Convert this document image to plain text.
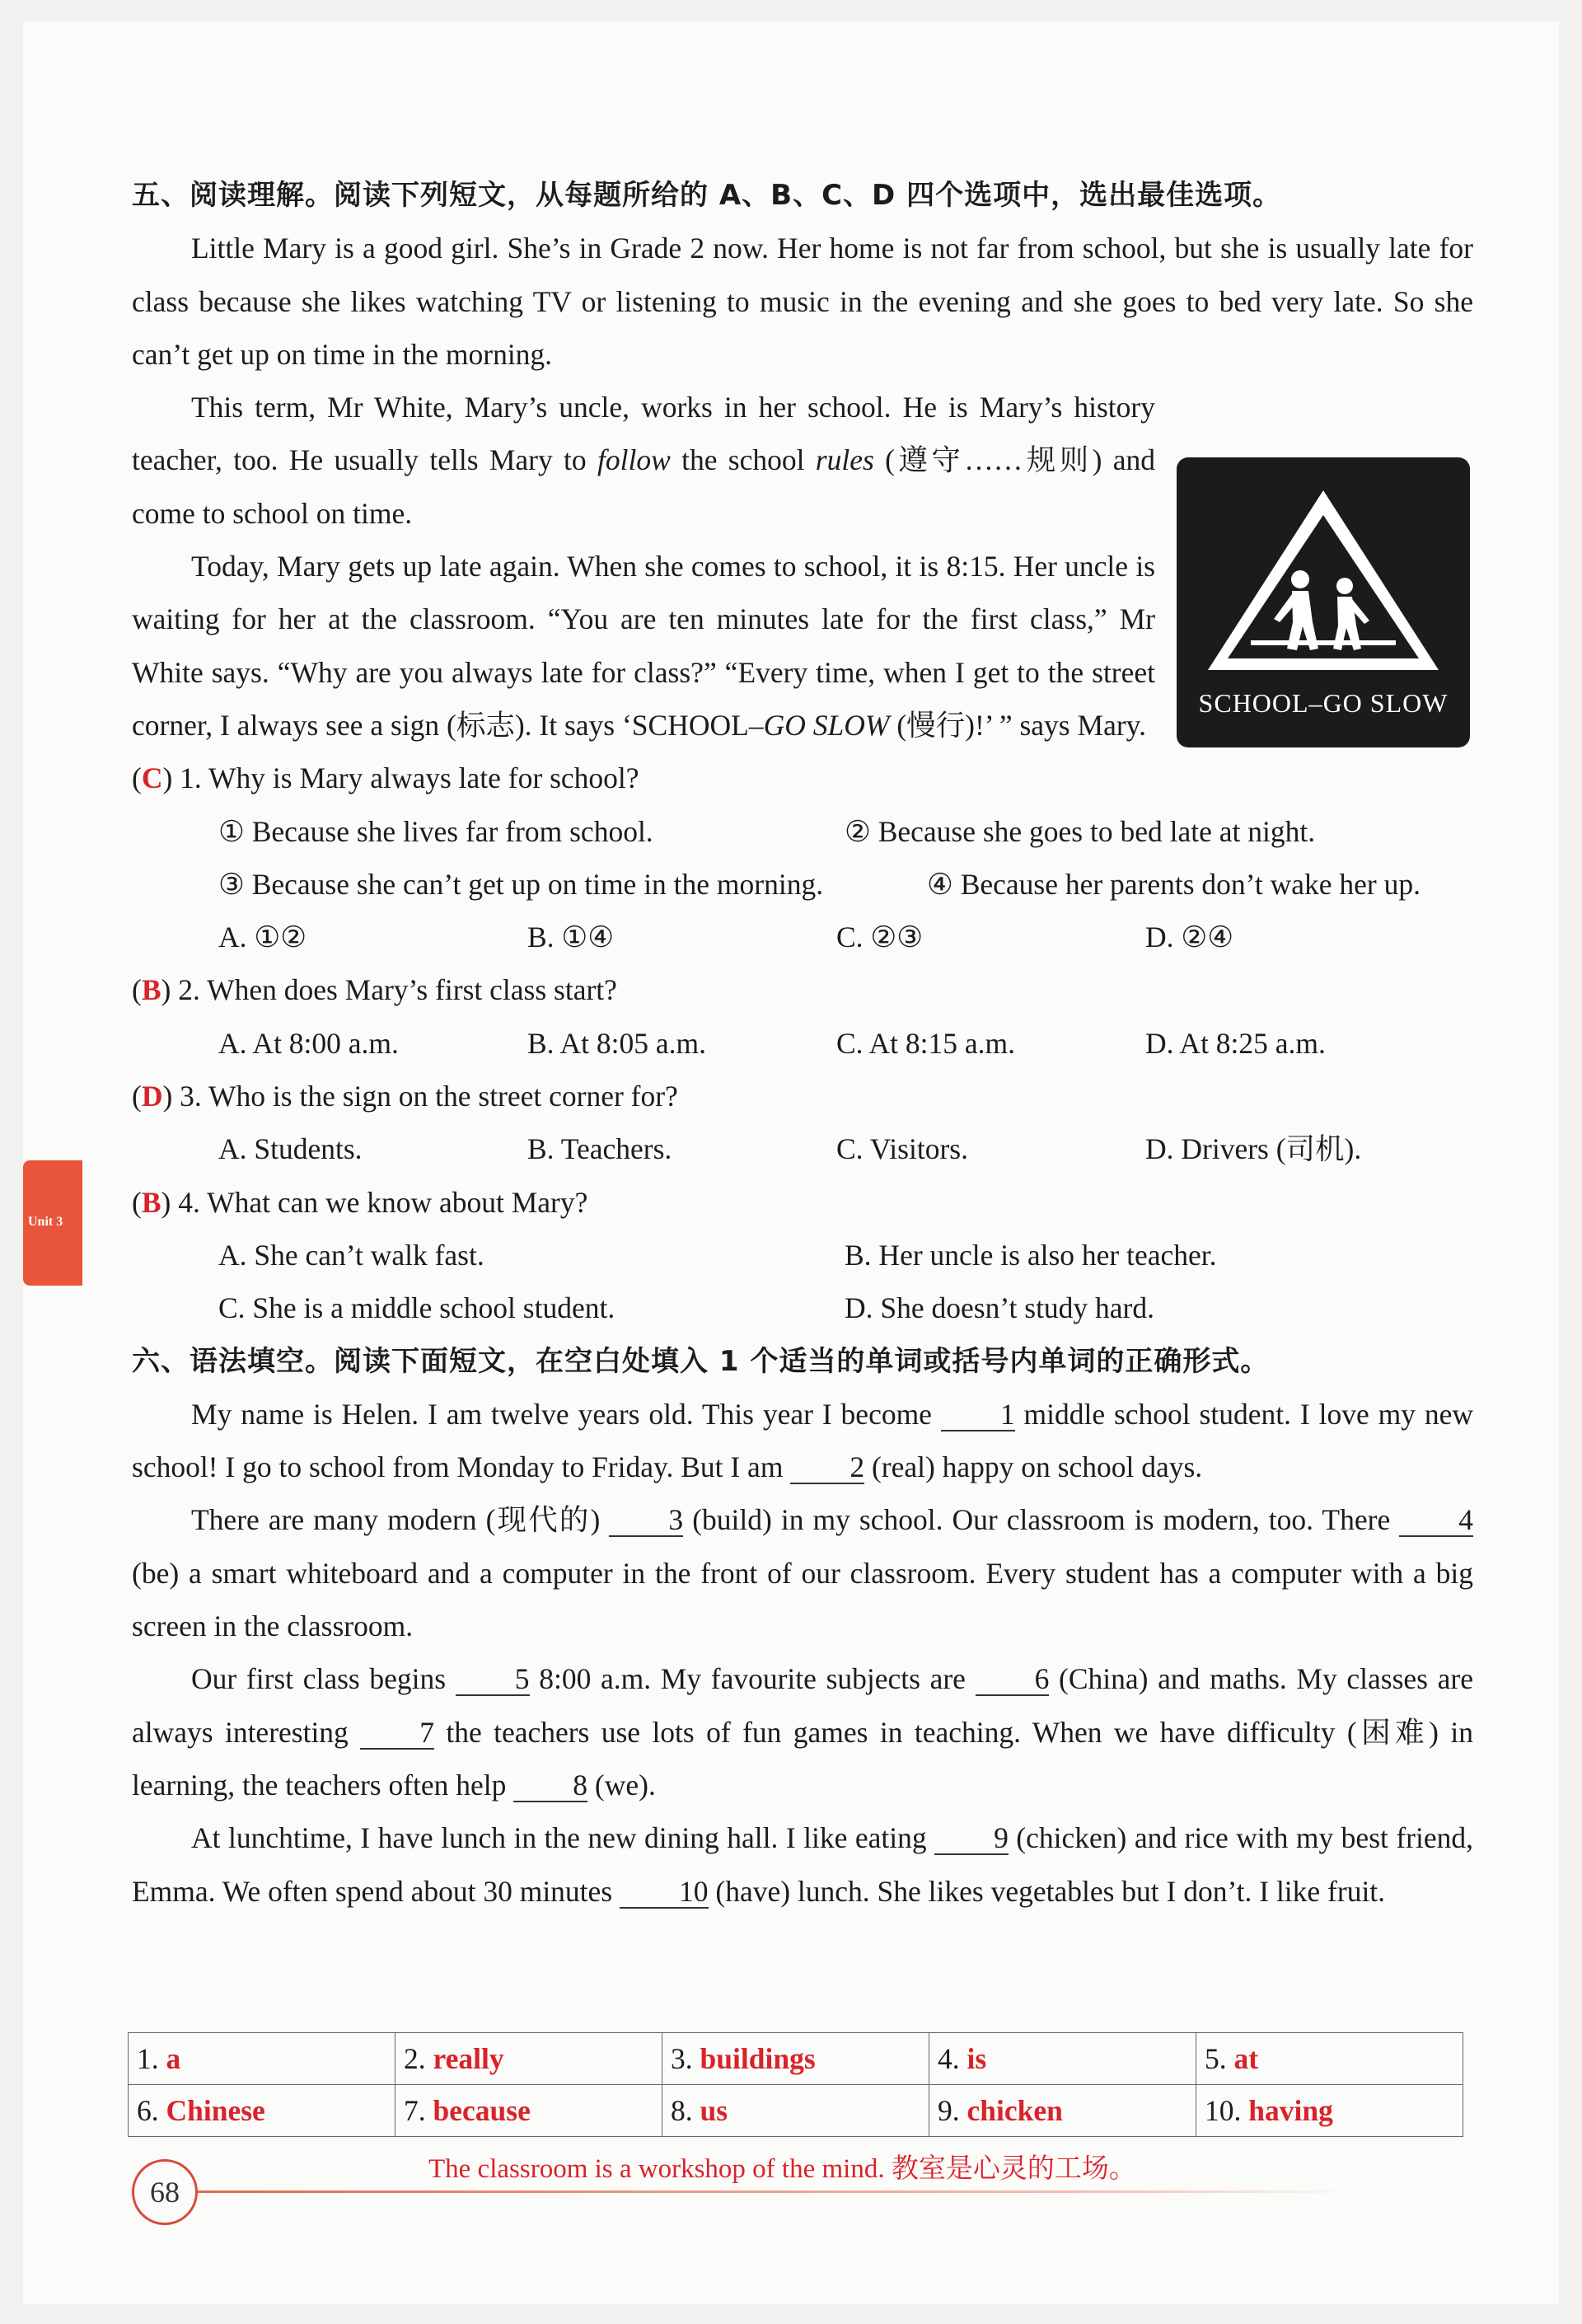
Unit 3
五、阅读理解。阅读下列短文，从每题所给的 A、B、C、D 四个选项中，选出最佳选项。

Little Mary is a good girl. She’s in Grade 2 now. Her home is not far from school, but she is usually late for class because she likes watching TV or listening to music in the evening and she goes to bed very late. So she can’t get up on time in the morning.

This term, Mr White, Mary’s uncle, works in her school. He is Mary’s history teacher, too. He usually tells Mary to follow the school rules (遵守……规则) and come to school on time.

Today, Mary gets up late again. When she comes to school, it is 8:15. Her uncle is waiting for her at the classroom. “You are ten minutes late for the first class,” Mr White says. “Why are you always late for class?” “Every time, when I get to the street corner, I always see a sign (标志). It says ‘SCHOOL–GO SLOW (慢行)!’ ” says Mary.

(C) 1. Why is Mary always late for school?
① Because she lives far from school.	② Because she goes to bed late at night.
③ Because she can’t get up on time in the morning.	④ Because her parents don’t wake her up.
A. ①②	B. ①④	C. ②③	D. ②④
(B) 2. When does Mary’s first class start?
A. At 8:00 a.m.	B. At 8:05 a.m.	C. At 8:15 a.m.	D. At 8:25 a.m.
(D) 3. Who is the sign on the street corner for?
A. Students.	B. Teachers.	C. Visitors.	D. Drivers (司机).
(B) 4. What can we know about Mary?
A. She can’t walk fast.	B. Her uncle is also her teacher.
C. She is a middle school student.	D. She doesn’t study hard.
六、语法填空。阅读下面短文，在空白处填入 1 个适当的单词或括号内单词的正确形式。

My name is Helen. I am twelve years old. This year I become 1 middle school student. I love my new school! I go to school from Monday to Friday. But I am 2 (real) happy on school days.

There are many modern (现代的) 3 (build) in my school. Our classroom is modern, too. There 4 (be) a smart whiteboard and a computer in the front of our classroom. Every student has a computer with a big screen in the classroom.

Our first class begins 5 8:00 a.m. My favourite subjects are 6 (China) and maths. My classes are always interesting 7 the teachers use lots of fun games in teaching. When we have difficulty (困难) in learning, the teachers often help 8 (we).

At lunchtime, I have lunch in the new dining hall. I like eating 9 (chicken) and rice with my best friend, Emma. We often spend about 30 minutes 10 (have) lunch. She likes vegetables but I don’t. I like fruit.

SCHOOL–GO SLOW
1. a	2. really	3. buildings	4. is	5. at
6. Chinese	7. because	8. us	9. chicken	10. having
68
The classroom is a workshop of the mind. 教室是心灵的工场。
